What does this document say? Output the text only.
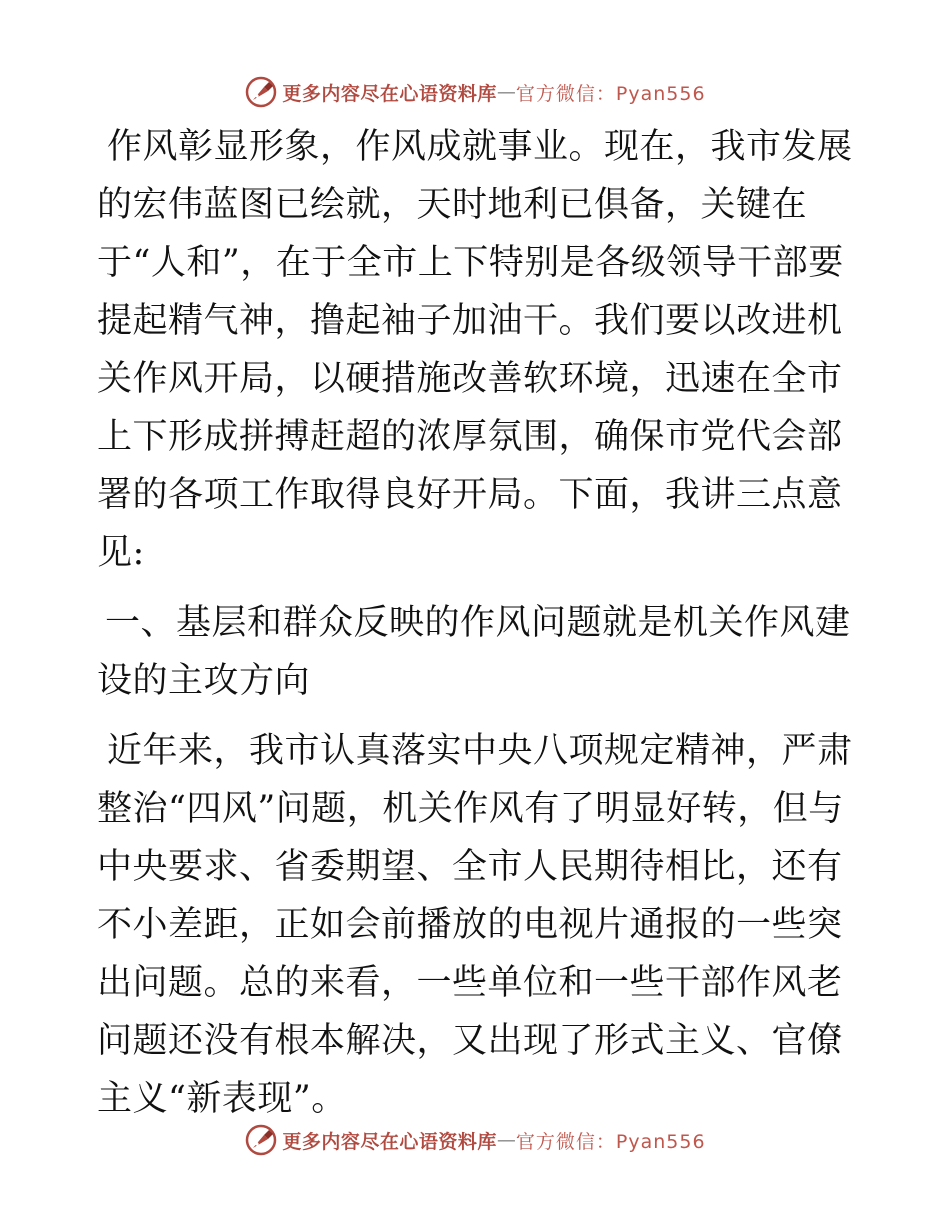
更多内容尽在心语资料库 — 官方微信：Pyan556

作风彰显形象，作风成就事业。现在，我市发展的宏伟蓝图已绘就，天时地利已俱备，关键在于“人和”，在于全市上下特别是各级领导干部要提起精气神，撸起袖子加油干。我们要以改进机关作风开局，以硬措施改善软环境，迅速在全市上下形成拼搏赶超的浓厚氛围，确保市党代会部署的各项工作取得良好开局。下面，我讲三点意见:

一、基层和群众反映的作风问题就是机关作风建设的主攻方向

近年来，我市认真落实中央八项规定精神，严肃整治“四风”问题，机关作风有了明显好转，但与中央要求、省委期望、全市人民期待相比，还有不小差距，正如会前播放的电视片通报的一些突出问题。总的来看，一些单位和一些干部作风老问题还没有根本解决，又出现了形式主义、官僚主义“新表现”。

更多内容尽在心语资料库 — 官方微信：Pyan556
